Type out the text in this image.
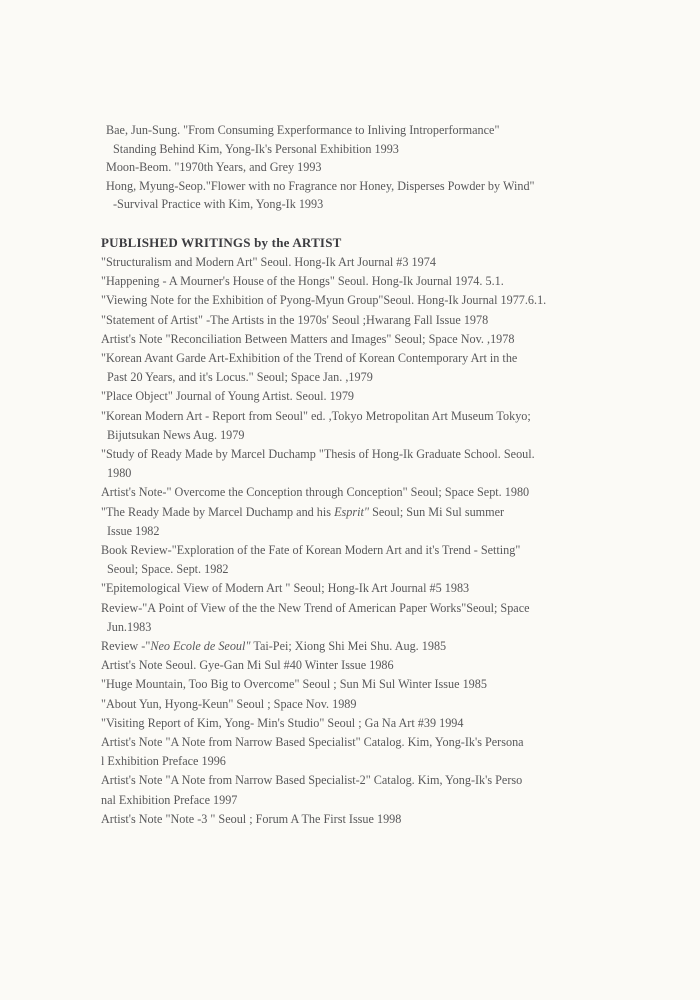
Bae, Jun-Sung. "From Consuming Experformance to Inliving Introperformance"
Standing Behind Kim, Yong-Ik's Personal Exhibition 1993
Moon-Beom. "1970th Years, and Grey 1993
Hong, Myung-Seop."Flower with no Fragrance nor Honey, Disperses Powder by Wind"
-Survival Practice with Kim, Yong-Ik 1993
PUBLISHED WRITINGS by the ARTIST
"Structuralism and Modern Art" Seoul. Hong-Ik Art Journal #3 1974
"Happening - A Mourner's House of the Hongs" Seoul. Hong-Ik Journal 1974. 5.1.
"Viewing Note for the Exhibition of Pyong-Myun Group"Seoul. Hong-Ik Journal 1977.6.1.
"Statement of Artist" -The Artists in the 1970s' Seoul ;Hwarang Fall Issue 1978
Artist's Note "Reconciliation Between Matters and Images" Seoul; Space Nov. ,1978
"Korean Avant Garde Art-Exhibition of the Trend of Korean Contemporary Art in the
Past 20 Years, and it's Locus." Seoul; Space Jan. ,1979
"Place Object" Journal of Young Artist. Seoul. 1979
"Korean Modern Art - Report from Seoul" ed. ,Tokyo Metropolitan Art Museum Tokyo;
Bijutsukan News Aug. 1979
"Study of Ready Made by Marcel Duchamp "Thesis of Hong-Ik Graduate School. Seoul.
1980
Artist's Note-" Overcome the Conception through Conception" Seoul; Space Sept. 1980
"The Ready Made by Marcel Duchamp and his Esprit" Seoul; Sun Mi Sul summer
Issue 1982
Book Review-"Exploration of the Fate of Korean Modern Art and it's Trend - Setting"
Seoul; Space. Sept. 1982
"Epitemological View of Modern Art " Seoul; Hong-Ik Art Journal #5 1983
Review-"A Point of View of the the New Trend of American Paper Works"Seoul; Space
Jun.1983
Review -"Neo Ecole de Seoul" Tai-Pei; Xiong Shi Mei Shu. Aug. 1985
Artist's Note Seoul. Gye-Gan Mi Sul #40 Winter Issue 1986
"Huge Mountain, Too Big to Overcome" Seoul ; Sun Mi Sul Winter Issue 1985
"About Yun, Hyong-Keun" Seoul ; Space Nov. 1989
"Visiting Report of Kim, Yong- Min's Studio" Seoul ; Ga Na Art #39 1994
Artist's Note "A Note from Narrow Based Specialist" Catalog. Kim, Yong-Ik's Persona
l Exhibition Preface 1996
Artist's Note "A Note from Narrow Based Specialist-2" Catalog. Kim, Yong-Ik's Perso
nal Exhibition Preface 1997
Artist's Note "Note -3 " Seoul ; Forum A The First Issue 1998
